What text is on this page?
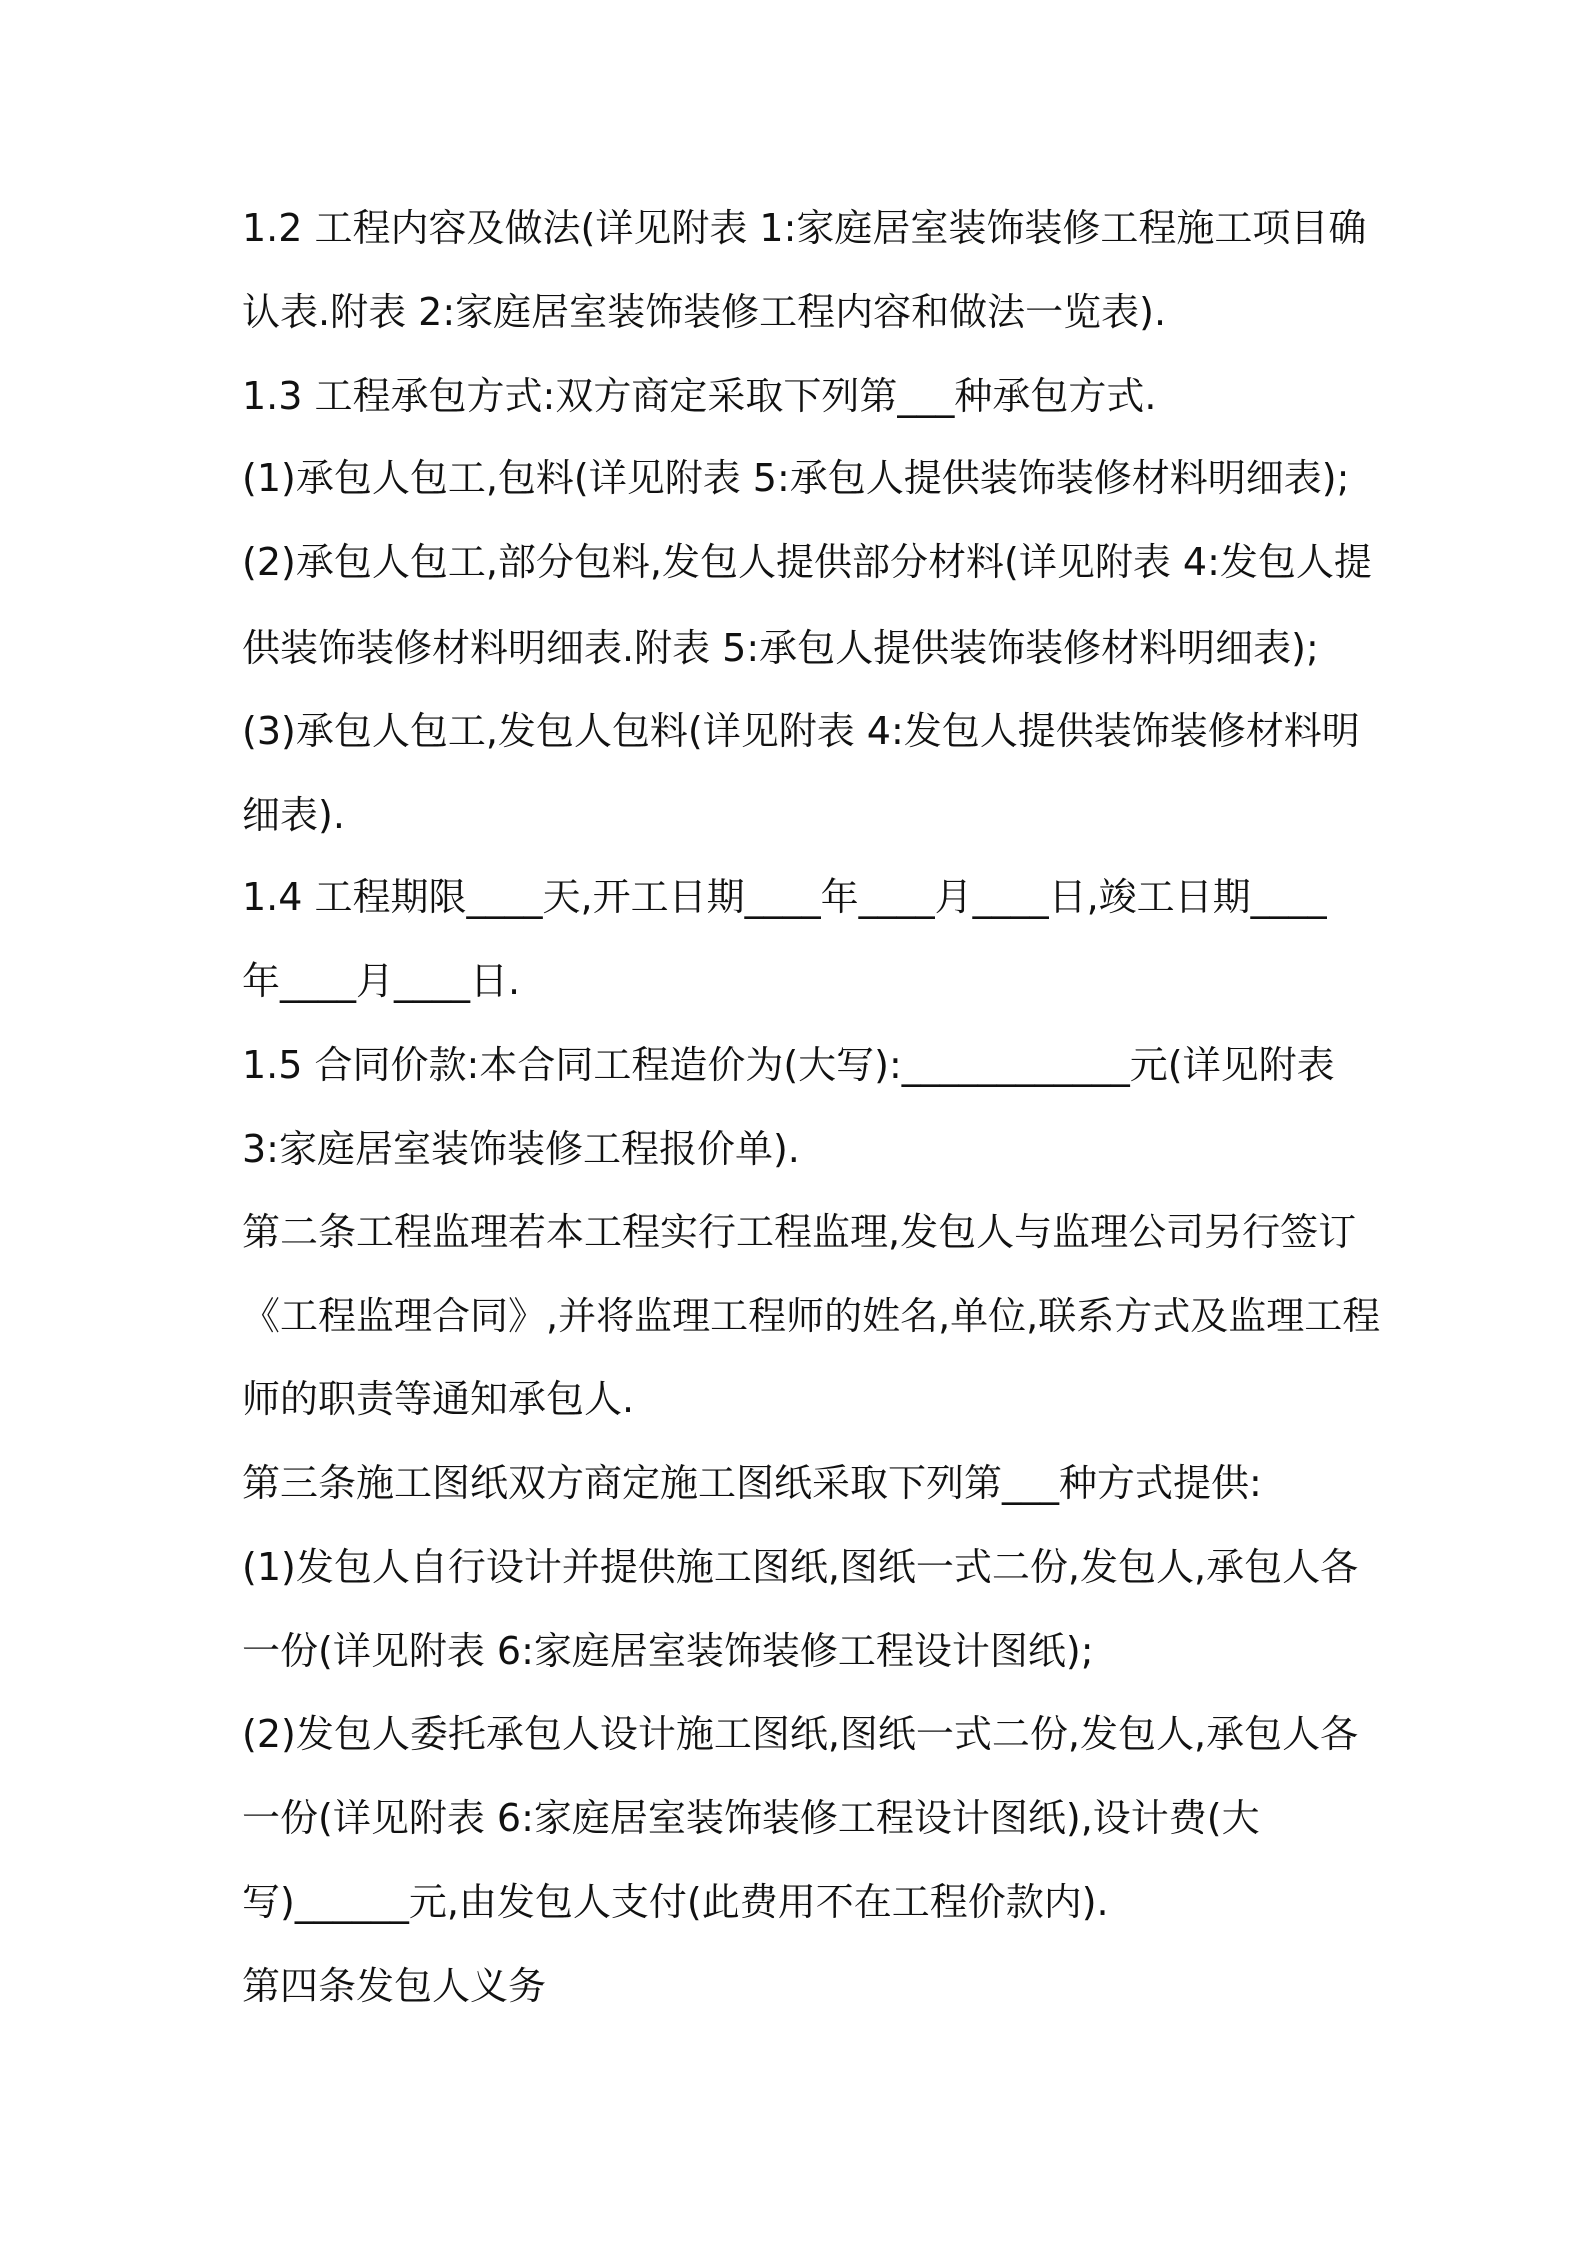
1.2 工程内容及做法(详见附表 1:家庭居室装饰装修工程施工项目确
认表.附表 2:家庭居室装饰装修工程内容和做法一览表).
1.3 工程承包方式:双方商定采取下列第___种承包方式.
(1)承包人包工,包料(详见附表 5:承包人提供装饰装修材料明细表);
(2)承包人包工,部分包料,发包人提供部分材料(详见附表 4:发包人提
供装饰装修材料明细表.附表 5:承包人提供装饰装修材料明细表);
(3)承包人包工,发包人包料(详见附表 4:发包人提供装饰装修材料明
细表).
1.4 工程期限____天,开工日期____年____月____日,竣工日期____
年____月____日.
1.5 合同价款:本合同工程造价为(大写):____________元(详见附表
3:家庭居室装饰装修工程报价单).
第二条工程监理若本工程实行工程监理,发包人与监理公司另行签订
《工程监理合同》,并将监理工程师的姓名,单位,联系方式及监理工程
师的职责等通知承包人.
第三条施工图纸双方商定施工图纸采取下列第___种方式提供:
(1)发包人自行设计并提供施工图纸,图纸一式二份,发包人,承包人各
一份(详见附表 6:家庭居室装饰装修工程设计图纸);
(2)发包人委托承包人设计施工图纸,图纸一式二份,发包人,承包人各
一份(详见附表 6:家庭居室装饰装修工程设计图纸),设计费(大
写)______元,由发包人支付(此费用不在工程价款内).
第四条发包人义务
